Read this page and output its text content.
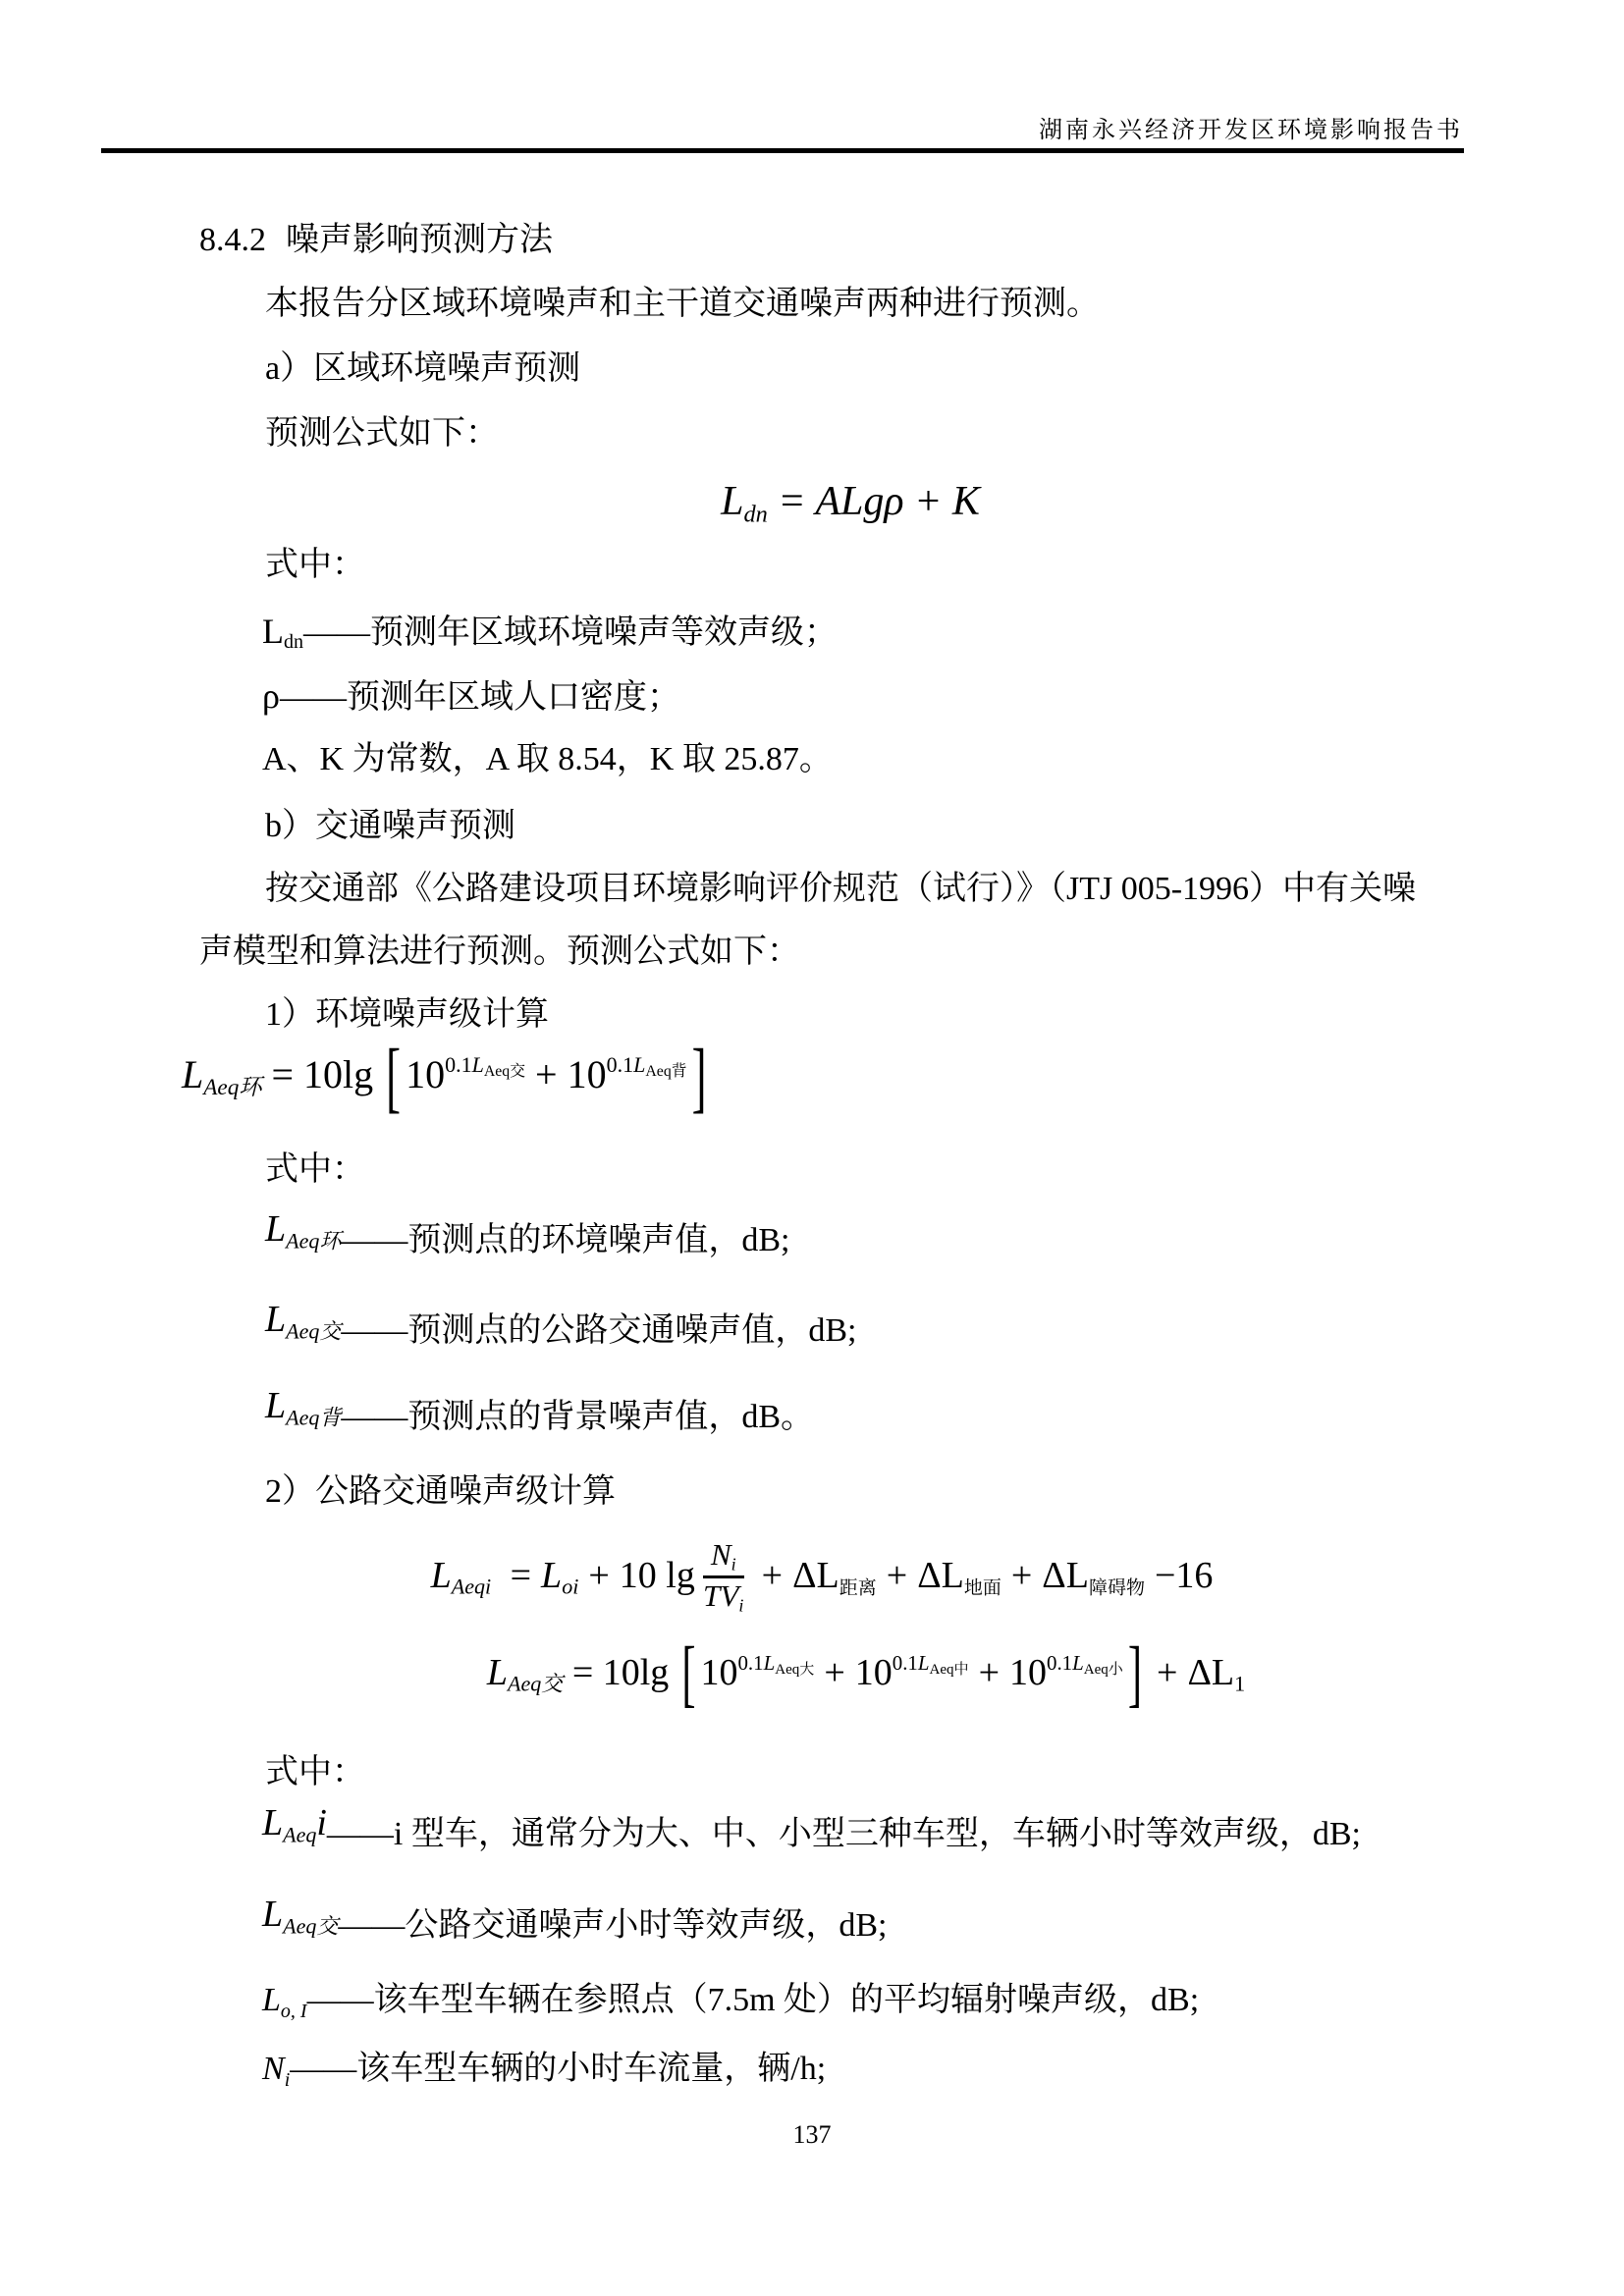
湖南永兴经济开发区环境影响报告书
8.4.2 噪声影响预测方法
本报告分区域环境噪声和主干道交通噪声两种进行预测。
a）区域环境噪声预测
预测公式如下：
$L_{dn} = ALg\rho + K$
式中：
$L_{dn}——$预测年区域环境噪声等效声级；
ρ——预测年区域人口密度；
A、K 为常数，A 取 8.54，K 取 25.87。
b）交通噪声预测
按交通部《公路建设项目环境影响评价规范（试行）》（JTJ 005-1996）中有关噪
声模型和算法进行预测。预测公式如下：
1）环境噪声级计算
$L_{Aeq环} = 10\lg$ [ $10^{0.1L_{Aeq交}} + 10^{0.1L_{Aeq背}}$ ]
式中：
$L_{Aeq环}——$预测点的环境噪声值，dB;
$L_{Aeq交}——$预测点的公路交通噪声值，dB;
$L_{Aeq背}——$预测点的背景噪声值，dB。
2）公路交通噪声级计算
$L_{Aeqi} = L_{oi} + 10$ $\lg \frac{N_i}{TV_i} + \Delta L_{距离} + \Delta L_{地面} + \Delta L_{障碍物} -16$
$L_{Aeq交} = 10\lg$ [ $10^{0.1L_{Aeq大}} + 10^{0.1L_{Aeq中}} + 10^{0.1L_{Aeq小}}$ ] + $\Delta L_1$
式中：
$L_{Aeq}i——i$ 型车，通常分为大、中、小型三种车型，车辆小时等效声级，dB;
$L_{Aeq交}——$公路交通噪声小时等效声级，dB;
$L_{o, I}——$该车型车辆在参照点（7.5m 处）的平均辐射噪声级，dB;
$N_i——$该车型车辆的小时车流量，辆/h;
137
